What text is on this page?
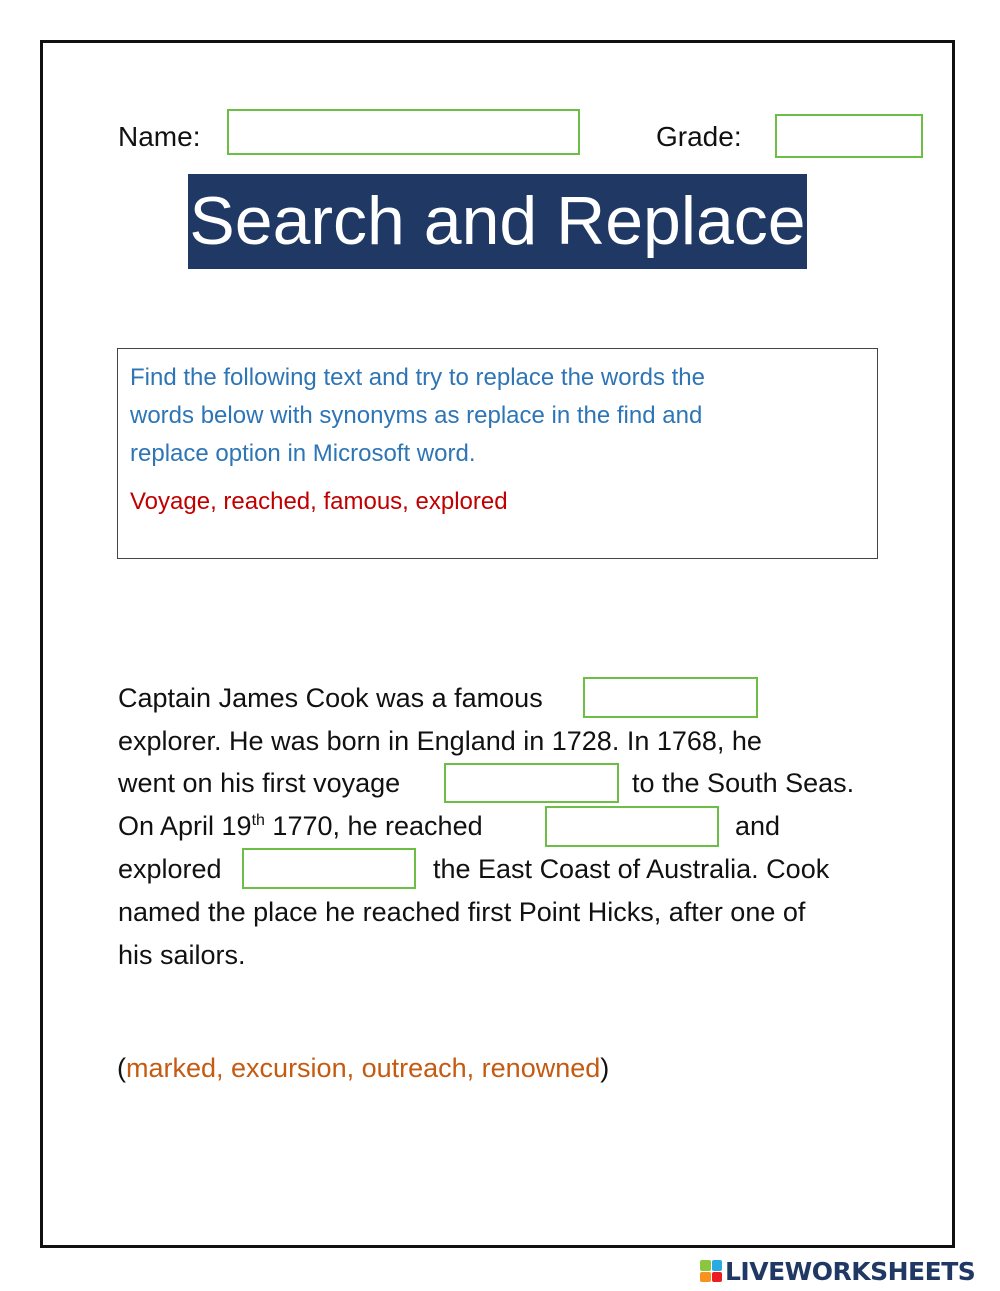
Name:	Grade:
Search and Replace
Find the following text and try to replace the words the
words below with synonyms as replace in the find and
replace option in Microsoft word.
Voyage, reached, famous, explored
Captain James Cook was a famous
explorer. He was born in England in 1728. In 1768, he
went on his first voyage	to the South Seas.
On April 19th 1770, he reached	and
explored	the East Coast of Australia. Cook
named the place he reached first Point Hicks, after one of
his sailors.
(marked, excursion, outreach, renowned)
LIVEWORKSHEETS
